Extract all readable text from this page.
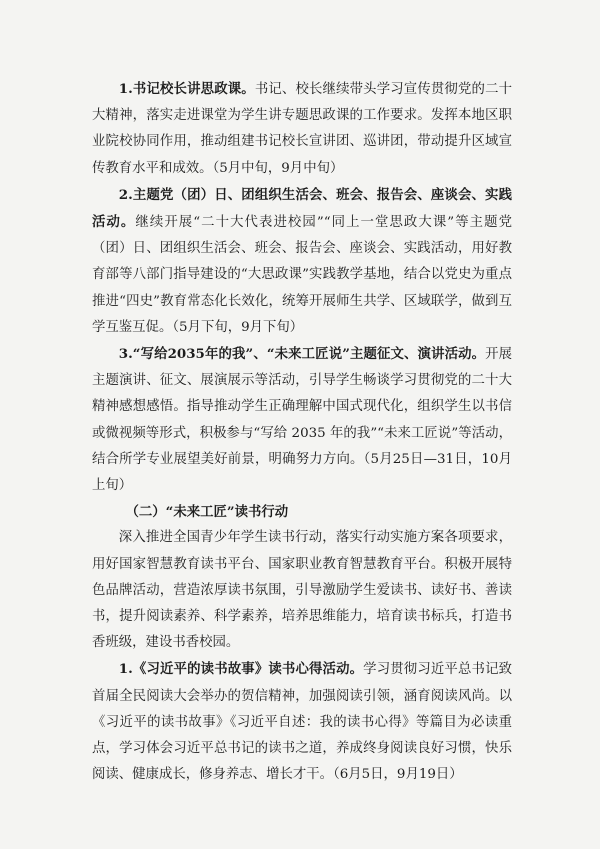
1.书记校长讲思政课。书记、校长继续带头学习宣传贯彻党的二十大精神，落实走进课堂为学生讲专题思政课的工作要求。发挥本地区职业院校协同作用，推动组建书记校长宣讲团、巡讲团，带动提升区域宣传教育水平和成效。（5月中旬，9月中旬）

2.主题党（团）日、团组织生活会、班会、报告会、座谈会、实践活动。继续开展“二十大代表进校园”“同上一堂思政大课”等主题党（团）日、团组织生活会、班会、报告会、座谈会、实践活动，用好教育部等八部门指导建设的“大思政课”实践教学基地，结合以党史为重点推进“四史”教育常态化长效化，统筹开展师生共学、区域联学，做到互学互鉴互促。（5月下旬，9月下旬）

3.“写给2035年的我”、“未来工匠说”主题征文、演讲活动。开展主题演讲、征文、展演展示等活动，引导学生畅谈学习贯彻党的二十大精神感想感悟。指导推动学生正确理解中国式现代化，组织学生以书信或微视频等形式，积极参与“写给 2035 年的我”“未来工匠说”等活动，结合所学专业展望美好前景，明确努力方向。（5月25日—31日，10月上旬）

（二）“未来工匠”读书行动

深入推进全国青少年学生读书行动，落实行动实施方案各项要求，用好国家智慧教育读书平台、国家职业教育智慧教育平台。积极开展特色品牌活动，营造浓厚读书氛围，引导激励学生爱读书、读好书、善读书，提升阅读素养、科学素养，培养思维能力，培育读书标兵，打造书香班级，建设书香校园。

1.《习近平的读书故事》读书心得活动。学习贯彻习近平总书记致首届全民阅读大会举办的贺信精神，加强阅读引领，涵育阅读风尚。以《习近平的读书故事》《习近平自述：我的读书心得》等篇目为必读重点，学习体会习近平总书记的读书之道，养成终身阅读良好习惯，快乐阅读、健康成长，修身养志、增长才干。（6月5日，9月19日）
